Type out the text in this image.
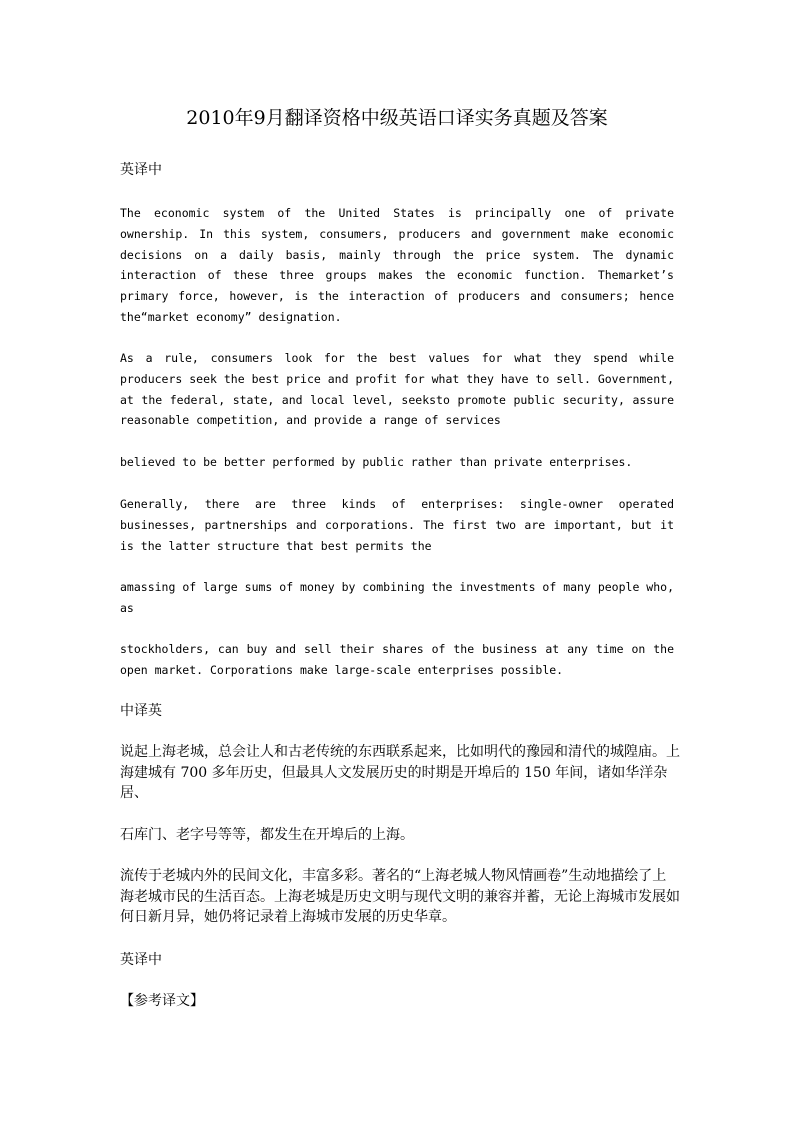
2010年9月翻译资格中级英语口译实务真题及答案
英译中
The economic system of the United States is principally one of private ownership. In this system, consumers, producers and government make economic decisions on a daily basis, mainly through the price system. The dynamic interaction of these three groups makes the economic function. Themarket’s primary force, however, is the interaction of producers and consumers; hence the“market economy” designation.
As a rule, consumers look for the best values for what they spend while producers seek the best price and profit for what they have to sell. Government, at the federal, state, and local level, seeksto promote public security, assure reasonable competition, and provide a range of services
believed to be better performed by public rather than private enterprises.
Generally, there are three kinds of enterprises: single-owner operated businesses, partnerships and corporations. The first two are important, but it is the latter structure that best permits the
amassing of large sums of money by combining the investments of many people who, as
stockholders, can buy and sell their shares of the business at any time on the open market. Corporations make large-scale enterprises possible.
中译英
说起上海老城，总会让人和古老传统的东西联系起来，比如明代的豫园和清代的城隍庙。上海建城有 700 多年历史，但最具人文发展历史的时期是开埠后的 150 年间，诸如华洋杂居、
石库门、老字号等等，都发生在开埠后的上海。
流传于老城内外的民间文化，丰富多彩。著名的“上海老城人物风情画卷”生动地描绘了上海老城市民的生活百态。上海老城是历史文明与现代文明的兼容并蓄，无论上海城市发展如何日新月异，她仍将记录着上海城市发展的历史华章。
英译中
【参考译文】
